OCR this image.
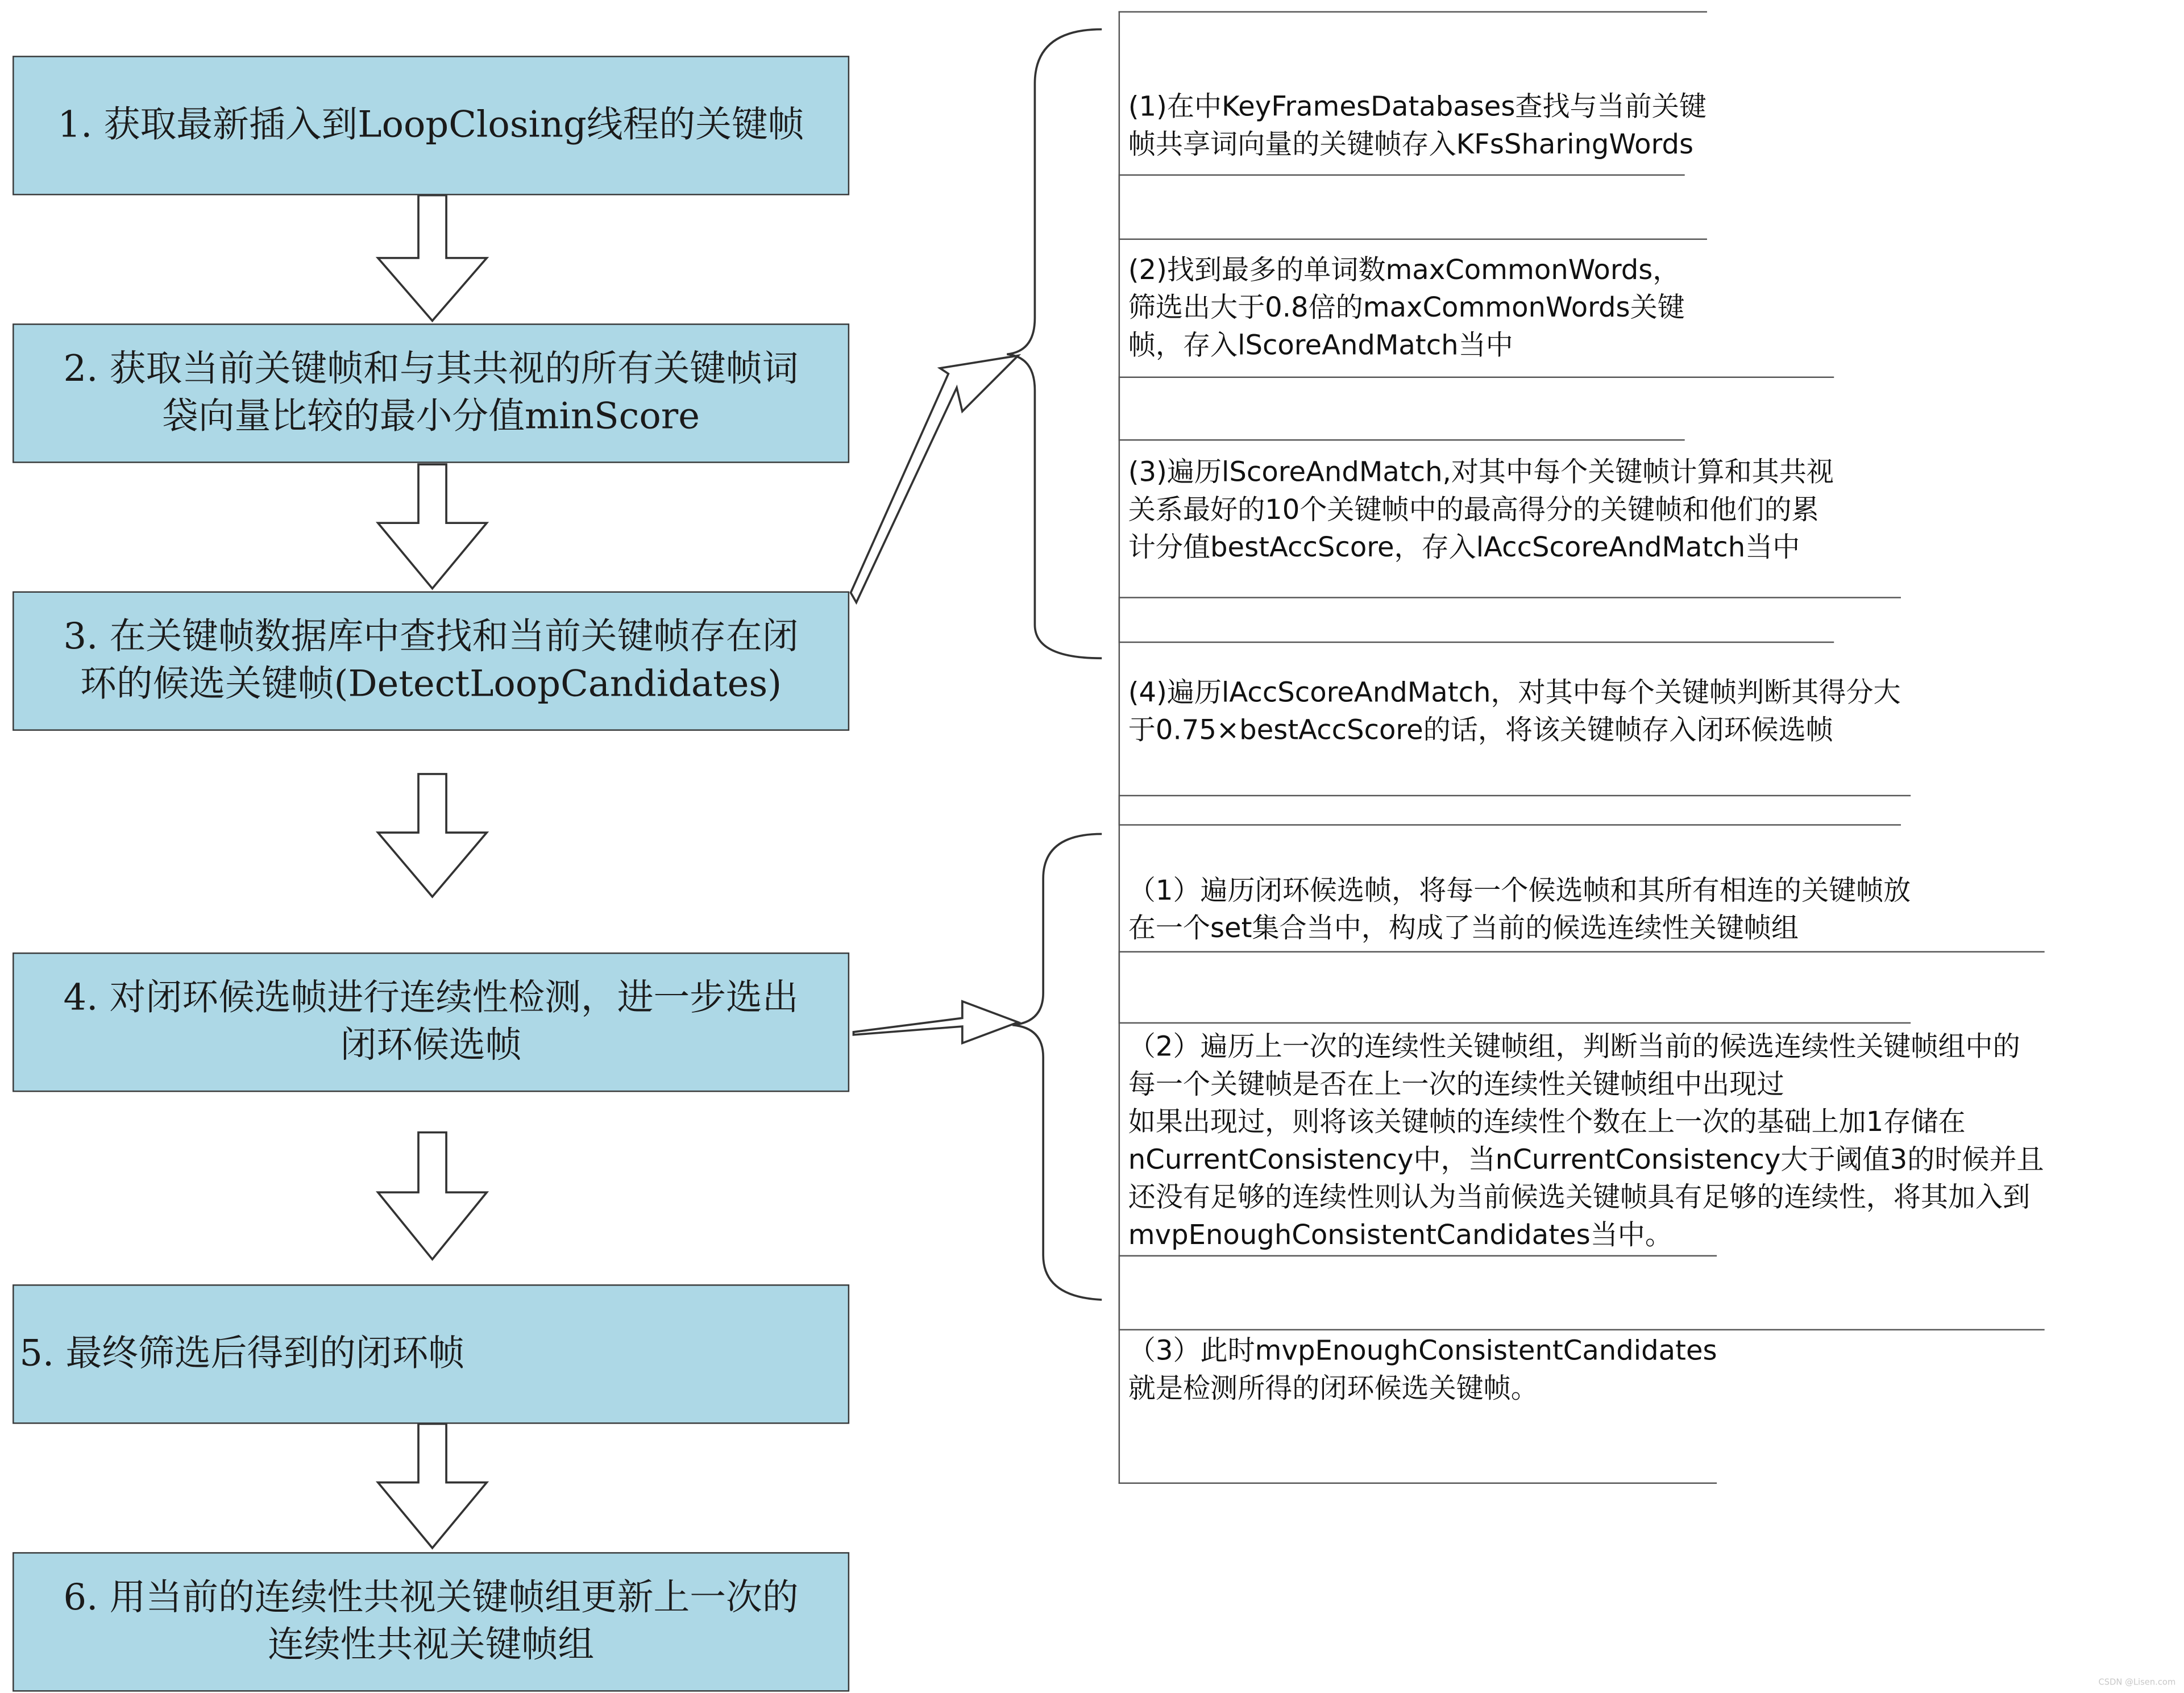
1. 获取最新插入到LoopClosing线程的关键帧
2. 获取当前关键帧和与其共视的所有关键帧词
袋向量比较的最小分值minScore
3. 在关键帧数据库中查找和当前关键帧存在闭
环的候选关键帧(DetectLoopCandidates)
4. 对闭环候选帧进行连续性检测，进一步选出
闭环候选帧
5. 最终筛选后得到的闭环帧
6. 用当前的连续性共视关键帧组更新上一次的
连续性共视关键帧组

(1)在中KeyFramesDatabases查找与当前关键
帧共享词向量的关键帧存入KFsSharingWords

(2)找到最多的单词数maxCommonWords，
筛选出大于0.8倍的maxCommonWords关键
帧，存入lScoreAndMatch当中

(3)遍历lScoreAndMatch,对其中每个关键帧计算和其共视
关系最好的10个关键帧中的最高得分的关键帧和他们的累
计分值bestAccScore，存入lAccScoreAndMatch当中

(4)遍历lAccScoreAndMatch，对其中每个关键帧判断其得分大
于0.75×bestAccScore的话，将该关键帧存入闭环候选帧

（1）遍历闭环候选帧，将每一个候选帧和其所有相连的关键帧放
在一个set集合当中，构成了当前的候选连续性关键帧组

（2）遍历上一次的连续性关键帧组，判断当前的候选连续性关键帧组中的
每一个关键帧是否在上一次的连续性关键帧组中出现过
如果出现过，则将该关键帧的连续性个数在上一次的基础上加1存储在
nCurrentConsistency中，当nCurrentConsistency大于阈值3的时候并且
还没有足够的连续性则认为当前候选关键帧具有足够的连续性，将其加入到
mvpEnoughConsistentCandidates当中。

（3）此时mvpEnoughConsistentCandidates
就是检测所得的闭环候选关键帧。

CSDN @Lisen.com
